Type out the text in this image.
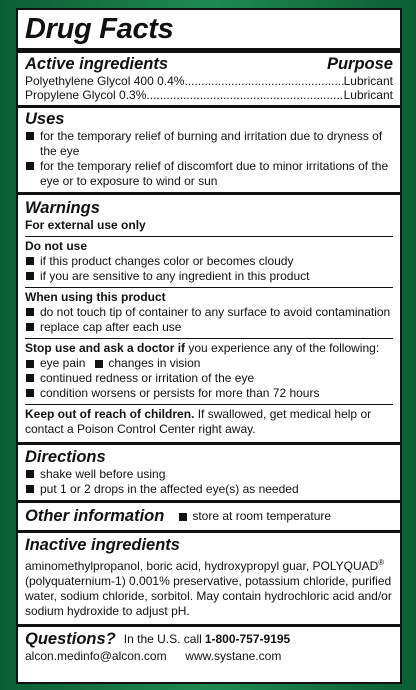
Drug Facts
Active ingredients	Purpose
Polyethylene Glycol 400 0.4% .....	Lubricant
Propylene Glycol 0.3% .....	Lubricant
Uses
for the temporary relief of burning and irritation due to dryness of the eye
for the temporary relief of discomfort due to minor irritations of the eye or to exposure to wind or sun
Warnings
For external use only
Do not use
if this product changes color or becomes cloudy
if you are sensitive to any ingredient in this product
When using this product
do not touch tip of container to any surface to avoid contamination
replace cap after each use
Stop use and ask a doctor if you experience any of the following:
eye pain changes in vision
continued redness or irritation of the eye
condition worsens or persists for more than 72 hours
Keep out of reach of children. If swallowed, get medical help or contact a Poison Control Center right away.
Directions
shake well before using
put 1 or 2 drops in the affected eye(s) as needed
Other information store at room temperature
Inactive ingredients
aminomethylpropanol, boric acid, hydroxypropyl guar, POLYQUAD® (polyquaternium-1) 0.001% preservative, potassium chloride, purified water, sodium chloride, sorbitol. May contain hydrochloric acid and/or sodium hydroxide to adjust pH.
Questions? In the U.S. call 1-800-757-9195
alcon.medinfo@alcon.com www.systane.com
